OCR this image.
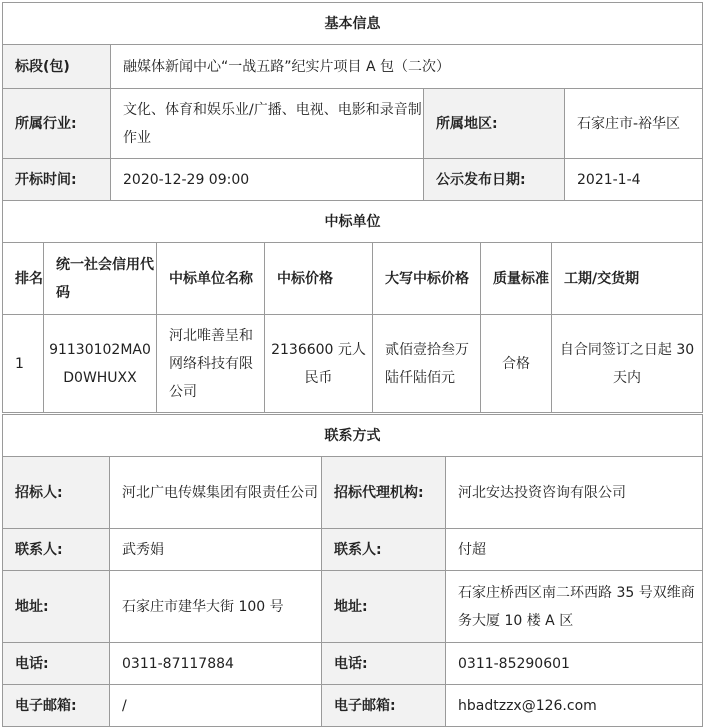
基本信息			
标段(包)	融媒体新闻中心“一战五路”纪实片项目 A 包（二次）		
所属行业:	文化、体育和娱乐业/广播、电视、电影和录音制作业	所属地区:	石家庄市-裕华区
开标时间:	2020-12-29 09:00	公示发布日期:	2021-1-4
中标单位						
排名	统一社会信用代码	中标单位名称	中标价格	大写中标价格	质量标准	工期/交货期
1	91130102MA0D0WHUXX	河北唯善呈和网络科技有限公司	2136600 元人民币	贰佰壹拾叁万陆仟陆佰元	合格	自合同签订之日起 30 天内
联系方式			
招标人:	河北广电传媒集团有限责任公司	招标代理机构:	河北安达投资咨询有限公司
联系人:	武秀娟	联系人:	付超
地址:	石家庄市建华大街 100 号	地址:	石家庄桥西区南二环西路 35 号双维商务大厦 10 楼 A 区
电话:	0311-87117884	电话:	0311-85290601
电子邮箱:	/	电子邮箱:	hbadtzzx@126.com
